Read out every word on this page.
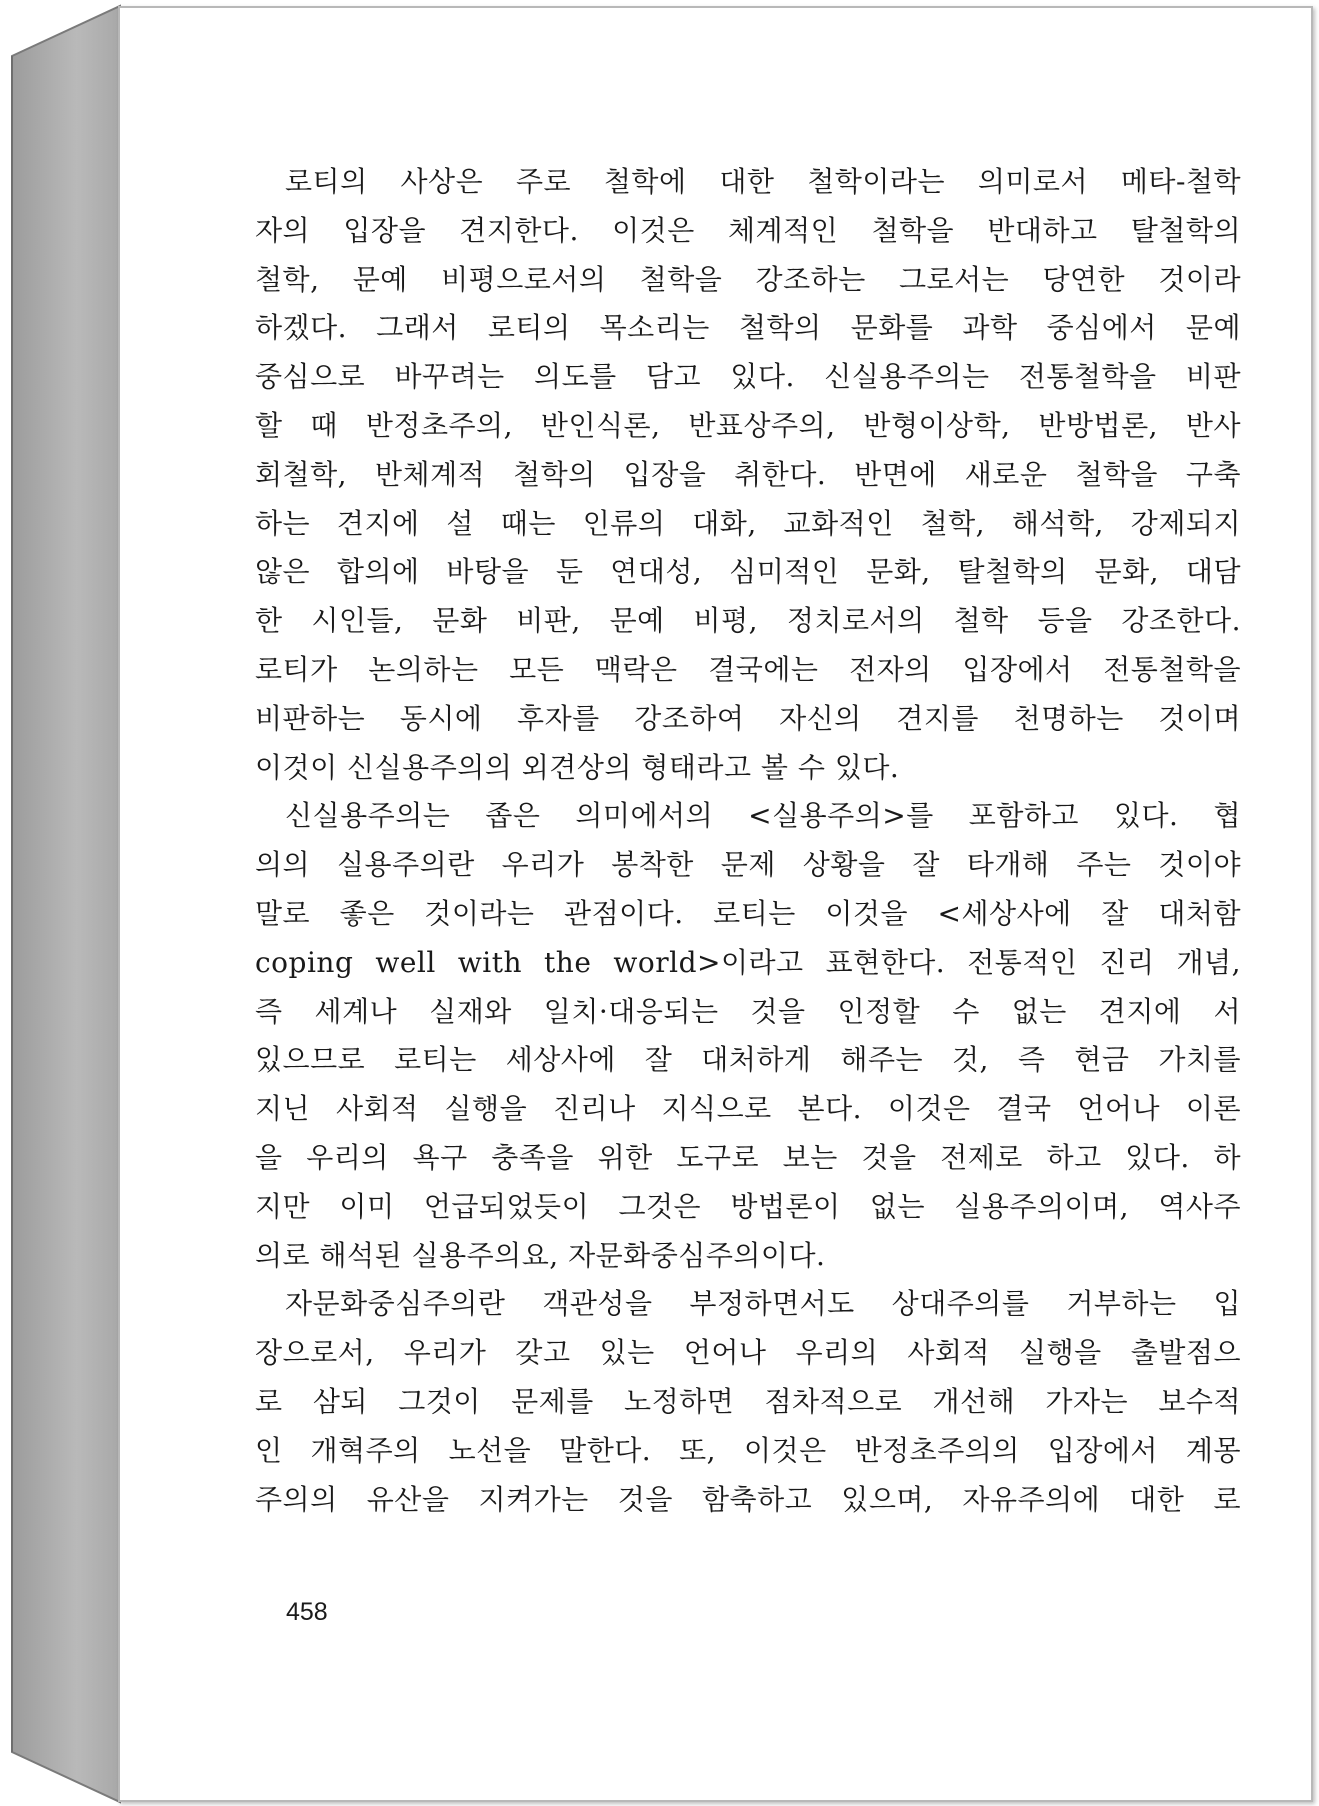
로티의 사상은 주로 철학에 대한 철학이라는 의미로서 메타-철학
자의 입장을 견지한다. 이것은 체계적인 철학을 반대하고 탈철학의
철학, 문예 비평으로서의 철학을 강조하는 그로서는 당연한 것이라
하겠다. 그래서 로티의 목소리는 철학의 문화를 과학 중심에서 문예
중심으로 바꾸려는 의도를 담고 있다. 신실용주의는 전통철학을 비판
할 때 반정초주의, 반인식론, 반표상주의, 반형이상학, 반방법론, 반사
회철학, 반체계적 철학의 입장을 취한다. 반면에 새로운 철학을 구축
하는 견지에 설 때는 인류의 대화, 교화적인 철학, 해석학, 강제되지
않은 합의에 바탕을 둔 연대성, 심미적인 문화, 탈철학의 문화, 대담
한 시인들, 문화 비판, 문예 비평, 정치로서의 철학 등을 강조한다.
로티가 논의하는 모든 맥락은 결국에는 전자의 입장에서 전통철학을
비판하는 동시에 후자를 강조하여 자신의 견지를 천명하는 것이며
이것이 신실용주의의 외견상의 형태라고 볼 수 있다.

신실용주의는 좁은 의미에서의 <실용주의>를 포함하고 있다. 협
의의 실용주의란 우리가 봉착한 문제 상황을 잘 타개해 주는 것이야
말로 좋은 것이라는 관점이다. 로티는 이것을 <세상사에 잘 대처함
coping well with the world>이라고 표현한다. 전통적인 진리 개념,
즉 세계나 실재와 일치·대응되는 것을 인정할 수 없는 견지에 서
있으므로 로티는 세상사에 잘 대처하게 해주는 것, 즉 현금 가치를
지닌 사회적 실행을 진리나 지식으로 본다. 이것은 결국 언어나 이론
을 우리의 욕구 충족을 위한 도구로 보는 것을 전제로 하고 있다. 하
지만 이미 언급되었듯이 그것은 방법론이 없는 실용주의이며, 역사주
의로 해석된 실용주의요, 자문화중심주의이다.

자문화중심주의란 객관성을 부정하면서도 상대주의를 거부하는 입
장으로서, 우리가 갖고 있는 언어나 우리의 사회적 실행을 출발점으
로 삼되 그것이 문제를 노정하면 점차적으로 개선해 가자는 보수적
인 개혁주의 노선을 말한다. 또, 이것은 반정초주의의 입장에서 계몽
주의의 유산을 지켜가는 것을 함축하고 있으며, 자유주의에 대한 로

458
